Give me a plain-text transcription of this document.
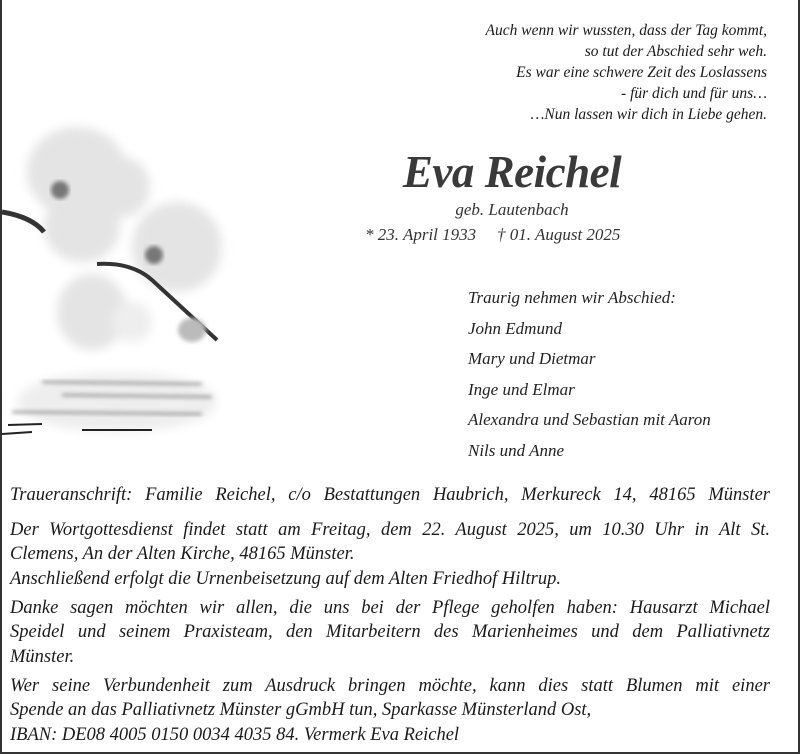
Auch wenn wir wussten, dass der Tag kommt,
so tut der Abschied sehr weh.
Es war eine schwere Zeit des Loslassens
- für dich und für uns…
…Nun lassen wir dich in Liebe gehen.
Eva Reichel
geb. Lautenbach
* 23. April 1933 † 01. August 2025
Traurig nehmen wir Abschied:
John Edmund
Mary und Dietmar
Inge und Elmar
Alexandra und Sebastian mit Aaron
Nils und Anne
Traueranschrift: Familie Reichel, c/o Bestattungen Haubrich, Merkureck 14, 48165 Münster
Der Wortgottesdienst findet statt am Freitag, dem 22. August 2025, um 10.30 Uhr in Alt St.
Clemens, An der Alten Kirche, 48165 Münster.
Anschließend erfolgt die Urnenbeisetzung auf dem Alten Friedhof Hiltrup.
Danke sagen möchten wir allen, die uns bei der Pflege geholfen haben: Hausarzt Michael
Speidel und seinem Praxisteam, den Mitarbeitern des Marienheimes und dem Palliativnetz
Münster.
Wer seine Verbundenheit zum Ausdruck bringen möchte, kann dies statt Blumen mit einer
Spende an das Palliativnetz Münster gGmbH tun, Sparkasse Münsterland Ost,
IBAN: DE08 4005 0150 0034 4035 84. Vermerk Eva Reichel
